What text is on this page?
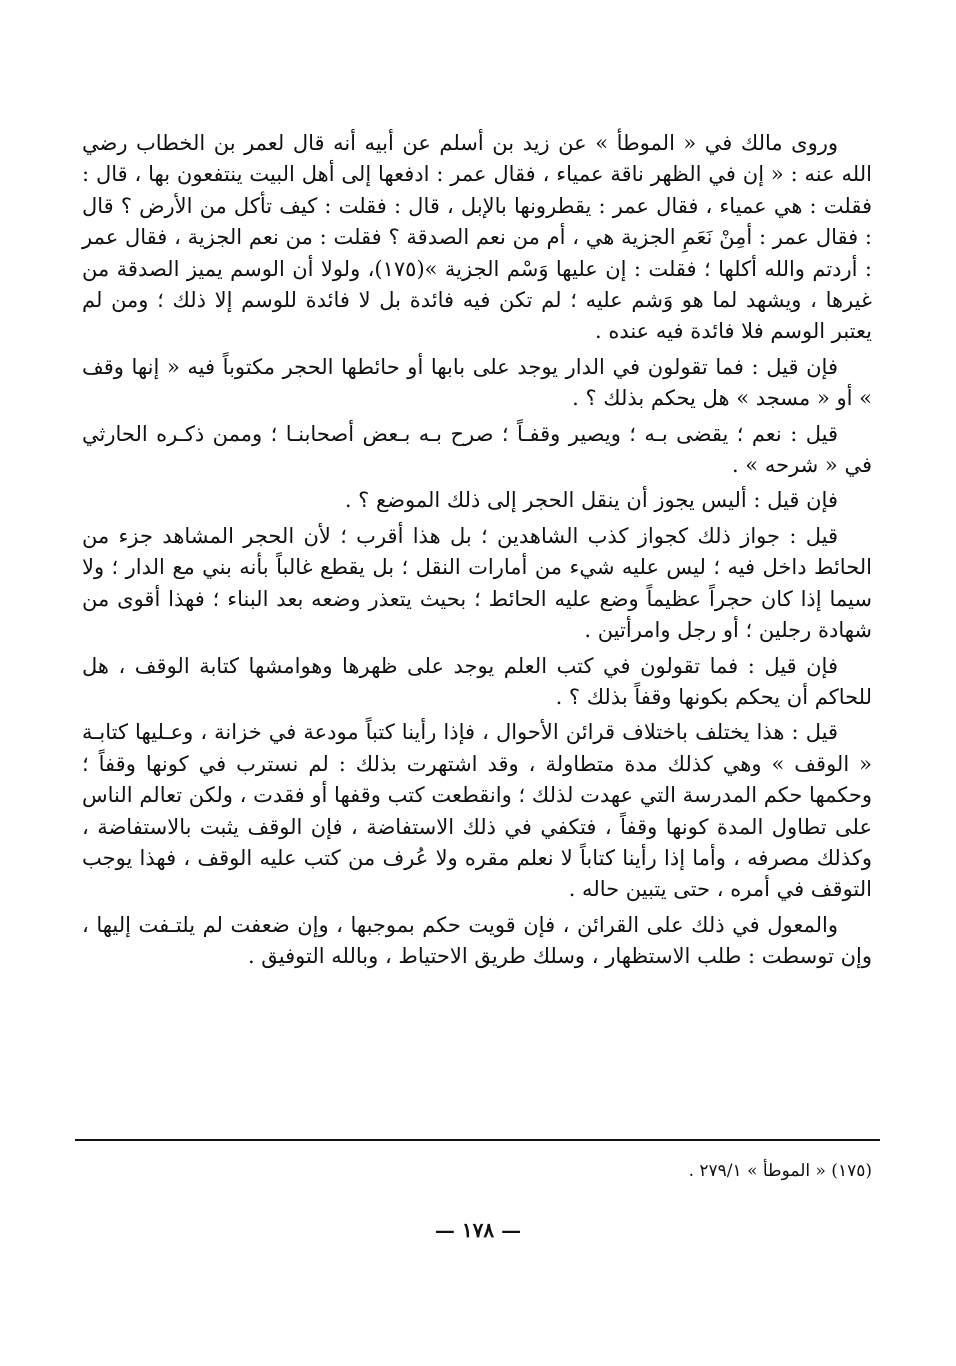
وروى مالك في « الموطأ » عن زيد بن أسلم عن أبيه أنه قال لعمر بن الخطاب رضي الله عنه : « إن في الظهر ناقة عمياء ، فقال عمر : ادفعها إلى أهل البيت ينتفعون بها ، قال : فقلت : هي عمياء ، فقال عمر : يقطرونها بالإبل ، قال : فقلت : كيف تأكل من الأرض ؟ قال : فقال عمر : أمِنْ نَعَمِ الجزية هي ، أم من نعم الصدقة ؟ فقلت : من نعم الجزية ، فقال عمر : أردتم والله أكلها ؛ فقلت : إن عليها وَسْم الجزية »(١٧٥)، ولولا أن الوسم يميز الصدقة من غيرها ، ويشهد لما هو وَشم عليه ؛ لم تكن فيه فائدة بل لا فائدة للوسم إلا ذلك ؛ ومن لم يعتبر الوسم فلا فائدة فيه عنده .

فإن قيل : فما تقولون في الدار يوجد على بابها أو حائطها الحجر مكتوباً فيه « إنها وقف » أو « مسجد » هل يحكم بذلك ؟ .

قيل : نعم ؛ يقضى بـه ؛ ويصير وقفـاً ؛ صرح بـه بـعض أصحابنـا ؛ وممن ذكـره الحارثي في « شرحه » .

فإن قيل : أليس يجوز أن ينقل الحجر إلى ذلك الموضع ؟ .

قيل : جواز ذلك كجواز كذب الشاهدين ؛ بل هذا أقرب ؛ لأن الحجر المشاهد جزء من الحائط داخل فيه ؛ ليس عليه شيء من أمارات النقل ؛ بل يقطع غالباً بأنه بني مع الدار ؛ ولا سيما إذا كان حجراً عظيماً وضع عليه الحائط ؛ بحيث يتعذر وضعه بعد البناء ؛ فهذا أقوى من شهادة رجلين ؛ أو رجل وامرأتين .

فإن قيل : فما تقولون في كتب العلم يوجد على ظهرها وهوامشها كتابة الوقف ، هل للحاكم أن يحكم بكونها وقفاً بذلك ؟ .

قيل : هذا يختلف باختلاف قرائن الأحوال ، فإذا رأينا كتباً مودعة في خزانة ، وعـليها كتابـة « الوقف » وهي كذلك مدة متطاولة ، وقد اشتهرت بذلك : لم نسترب في كونها وقفاً ؛ وحكمها حكم المدرسة التي عهدت لذلك ؛ وانقطعت كتب وقفها أو فقدت ، ولكن تعالم الناس على تطاول المدة كونها وقفاً ، فتكفي في ذلك الاستفاضة ، فإن الوقف يثبت بالاستفاضة ، وكذلك مصرفه ، وأما إذا رأينا كتاباً لا نعلم مقره ولا عُرف من كتب عليه الوقف ، فهذا يوجب التوقف في أمره ، حتى يتبين حاله .

والمعول في ذلك على القرائن ، فإن قويت حكم بموجبها ، وإن ضعفت لم يلتـفت إليها ، وإن توسطت : طلب الاستظهار ، وسلك طريق الاحتياط ، وبالله التوفيق .

(١٧٥) « الموطأ » ٢٧٩/١ .
— ١٧٨ —
